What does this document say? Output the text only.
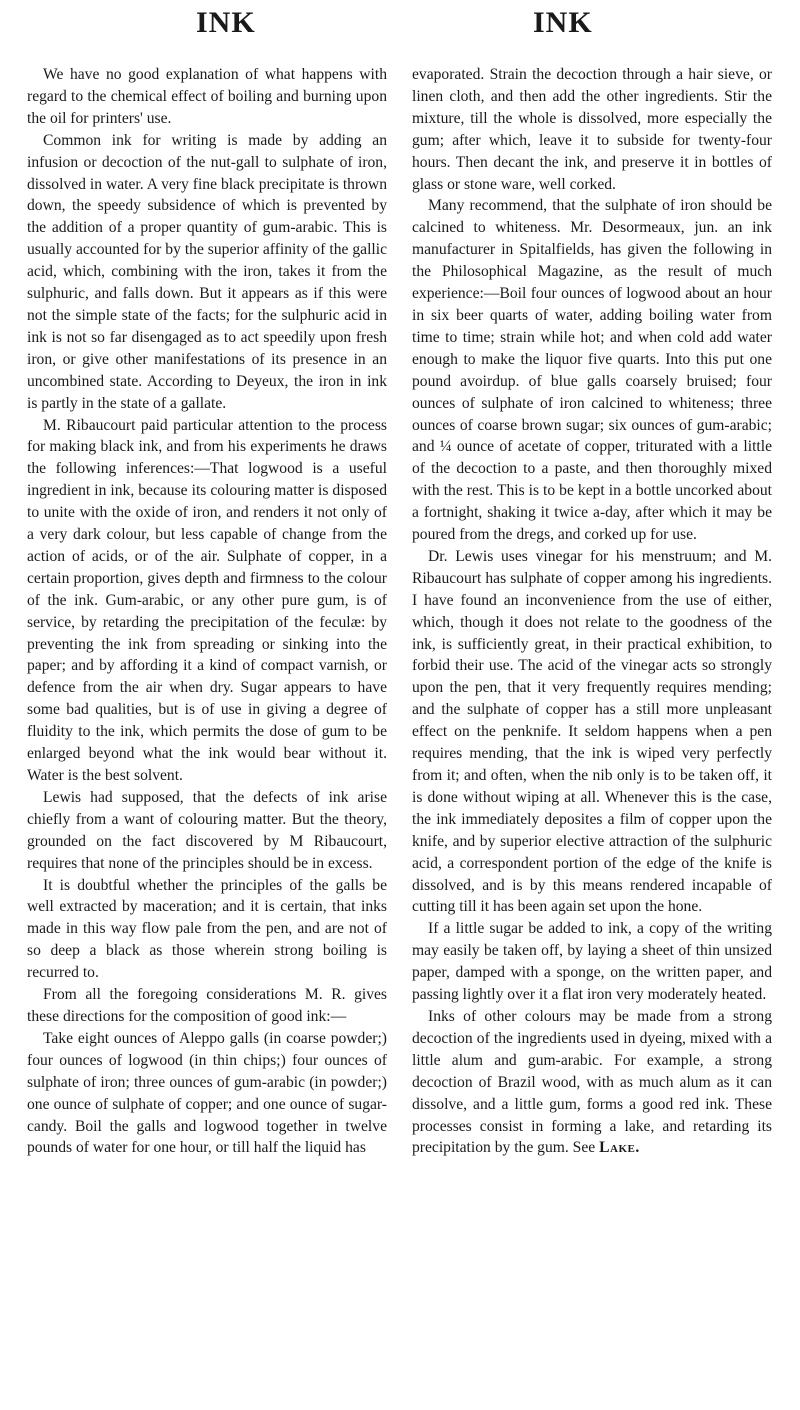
INK	INK

We have no good explanation of what happens with regard to the chemical effect of boiling and burning upon the oil for printers' use.

Common ink for writing is made by adding an infusion or decoction of the nut-gall to sulphate of iron, dissolved in water. A very fine black precipitate is thrown down, the speedy subsidence of which is prevented by the addition of a proper quantity of gum-arabic. This is usually accounted for by the superior affinity of the gallic acid, which, combining with the iron, takes it from the sulphuric, and falls down. But it appears as if this were not the simple state of the facts; for the sulphuric acid in ink is not so far disengaged as to act speedily upon fresh iron, or give other manifestations of its presence in an uncombined state. According to Deyeux, the iron in ink is partly in the state of a gallate.

M. Ribaucourt paid particular attention to the process for making black ink, and from his experiments he draws the following inferences:—That logwood is a useful ingredient in ink, because its colouring matter is disposed to unite with the oxide of iron, and renders it not only of a very dark colour, but less capable of change from the action of acids, or of the air. Sulphate of copper, in a certain proportion, gives depth and firmness to the colour of the ink. Gum-arabic, or any other pure gum, is of service, by retarding the precipitation of the feculæ: by preventing the ink from spreading or sinking into the paper; and by affording it a kind of compact varnish, or defence from the air when dry. Sugar appears to have some bad qualities, but is of use in giving a degree of fluidity to the ink, which permits the dose of gum to be enlarged beyond what the ink would bear without it. Water is the best solvent.

Lewis had supposed, that the defects of ink arise chiefly from a want of colouring matter. But the theory, grounded on the fact discovered by M Ribaucourt, requires that none of the principles should be in excess.

It is doubtful whether the principles of the galls be well extracted by maceration; and it is certain, that inks made in this way flow pale from the pen, and are not of so deep a black as those wherein strong boiling is recurred to.

From all the foregoing considerations M. R. gives these directions for the composition of good ink:—

Take eight ounces of Aleppo galls (in coarse powder;) four ounces of logwood (in thin chips;) four ounces of sulphate of iron; three ounces of gum-arabic (in powder;) one ounce of sulphate of copper; and one ounce of sugar-candy. Boil the galls and logwood together in twelve pounds of water for one hour, or till half the liquid has

evaporated. Strain the decoction through a hair sieve, or linen cloth, and then add the other ingredients. Stir the mixture, till the whole is dissolved, more especially the gum; after which, leave it to subside for twenty-four hours. Then decant the ink, and preserve it in bottles of glass or stone ware, well corked.

Many recommend, that the sulphate of iron should be calcined to whiteness. Mr. Desormeaux, jun. an ink manufacturer in Spitalfields, has given the following in the Philosophical Magazine, as the result of much experience:—Boil four ounces of logwood about an hour in six beer quarts of water, adding boiling water from time to time; strain while hot; and when cold add water enough to make the liquor five quarts. Into this put one pound avoirdup. of blue galls coarsely bruised; four ounces of sulphate of iron calcined to whiteness; three ounces of coarse brown sugar; six ounces of gum-arabic; and ¼ ounce of acetate of copper, triturated with a little of the decoction to a paste, and then thoroughly mixed with the rest. This is to be kept in a bottle uncorked about a fortnight, shaking it twice a-day, after which it may be poured from the dregs, and corked up for use.

Dr. Lewis uses vinegar for his menstruum; and M. Ribaucourt has sulphate of copper among his ingredients. I have found an inconvenience from the use of either, which, though it does not relate to the goodness of the ink, is sufficiently great, in their practical exhibition, to forbid their use. The acid of the vinegar acts so strongly upon the pen, that it very frequently requires mending; and the sulphate of copper has a still more unpleasant effect on the penknife. It seldom happens when a pen requires mending, that the ink is wiped very perfectly from it; and often, when the nib only is to be taken off, it is done without wiping at all. Whenever this is the case, the ink immediately deposites a film of copper upon the knife, and by superior elective attraction of the sulphuric acid, a correspondent portion of the edge of the knife is dissolved, and is by this means rendered incapable of cutting till it has been again set upon the hone.

If a little sugar be added to ink, a copy of the writing may easily be taken off, by laying a sheet of thin unsized paper, damped with a sponge, on the written paper, and passing lightly over it a flat iron very moderately heated.

Inks of other colours may be made from a strong decoction of the ingredients used in dyeing, mixed with a little alum and gum-arabic. For example, a strong decoction of Brazil wood, with as much alum as it can dissolve, and a little gum, forms a good red ink. These processes consist in forming a lake, and retarding its precipitation by the gum. See Lake.
